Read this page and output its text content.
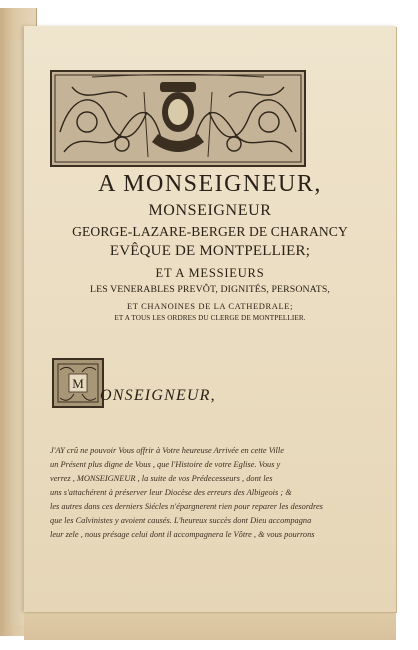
A MONSEIGNEUR,
MONSEIGNEUR
GEORGE-LAZARE-BERGER DE CHARANCY
EVÊQUE DE MONTPELLIER;
ET A MESSIEURS
LES VENERABLES PREVÔT, DIGNITÉS, PERSONATS,
ET CHANOINES DE LA CATHEDRALE;
ET A TOUS LES ORDRES DU CLERGE DE MONTPELLIER.
M
ONSEIGNEUR,
J'AY crû ne pouvoir Vous offrir à Votre heureuse Arrivée en cette Ville
un Présent plus digne de Vous , que l'Histoire de votre Eglise. Vous y
verrez , MONSEIGNEUR , la suite de vos Prédecesseurs , dont les
uns s'attachérent à préserver leur Diocèse des erreurs des Albigeois ; &
les autres dans ces derniers Siécles n'épargnerent rien pour reparer les desordres
que les Calvinistes y avoient causés. L'heureux succès dont Dieu accompagna
leur zele , nous présage celui dont il accompagnera le Vôtre , & vous pourrons
